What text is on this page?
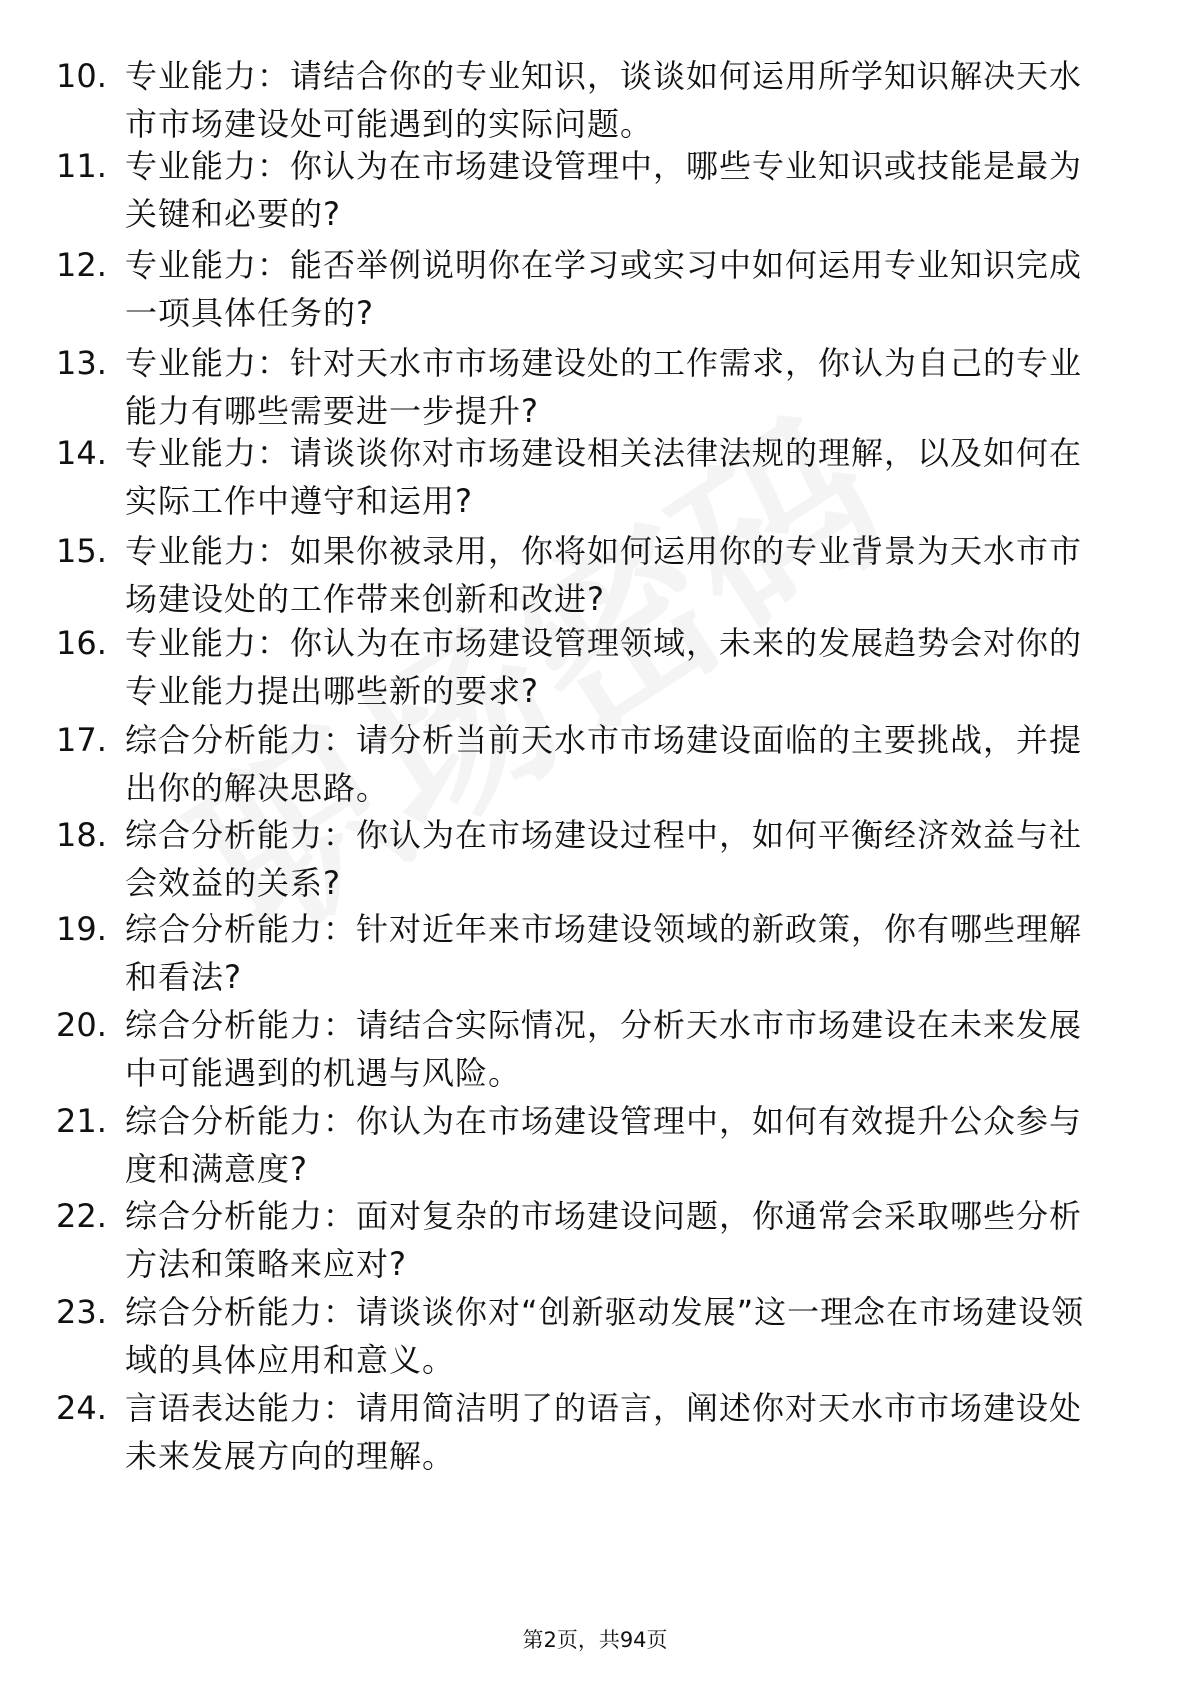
10. 专业能力：请结合你的专业知识，谈谈如何运用所学知识解决天水市市场建设处可能遇到的实际问题。
11. 专业能力：你认为在市场建设管理中，哪些专业知识或技能是最为关键和必要的?
12. 专业能力：能否举例说明你在学习或实习中如何运用专业知识完成一项具体任务的?
13. 专业能力：针对天水市市场建设处的工作需求，你认为自己的专业能力有哪些需要进一步提升?
14. 专业能力：请谈谈你对市场建设相关法律法规的理解，以及如何在实际工作中遵守和运用?
15. 专业能力：如果你被录用，你将如何运用你的专业背景为天水市市场建设处的工作带来创新和改进?
16. 专业能力：你认为在市场建设管理领域，未来的发展趋势会对你的专业能力提出哪些新的要求?
17. 综合分析能力：请分析当前天水市市场建设面临的主要挑战，并提出你的解决思路。
18. 综合分析能力：你认为在市场建设过程中，如何平衡经济效益与社会效益的关系?
19. 综合分析能力：针对近年来市场建设领域的新政策，你有哪些理解和看法?
20. 综合分析能力：请结合实际情况，分析天水市市场建设在未来发展中可能遇到的机遇与风险。
21. 综合分析能力：你认为在市场建设管理中，如何有效提升公众参与度和满意度?
22. 综合分析能力：面对复杂的市场建设问题，你通常会采取哪些分析方法和策略来应对?
23. 综合分析能力：请谈谈你对“创新驱动发展”这一理念在市场建设领域的具体应用和意义。
24. 言语表达能力：请用简洁明了的语言，阐述你对天水市市场建设处未来发展方向的理解。
第2页，共94页
